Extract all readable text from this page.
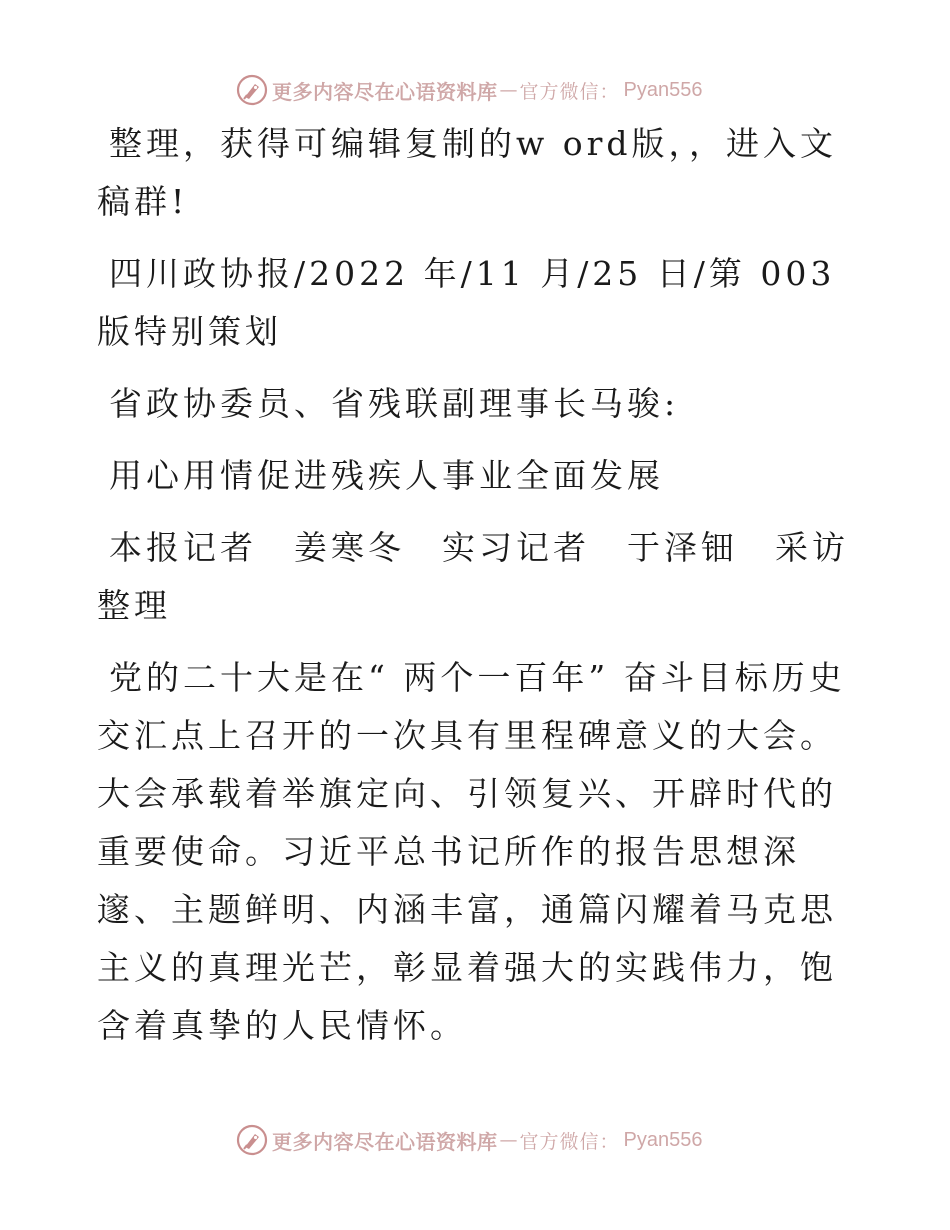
更多内容尽在心语资料库 — 官方微信： Pyan556

整理，获得可编辑复制的w ord版，，进入文稿群!

四川政协报/2022 年/11 月/25 日/第 003 版特别策划

省政协委员、省残联副理事长马骏:

用心用情促进残疾人事业全面发展

本报记者　姜寒冬　实习记者　于泽钿　采访整理

党的二十大是在“ 两个一百年” 奋斗目标历史交汇点上召开的一次具有里程碑意义的大会。大会承载着举旗定向、引领复兴、开辟时代的重要使命。习近平总书记所作的报告思想深邃、主题鲜明、内涵丰富，通篇闪耀着马克思主义的真理光芒，彰显着强大的实践伟力，饱含着真挚的人民情怀。

更多内容尽在心语资料库 — 官方微信： Pyan556
